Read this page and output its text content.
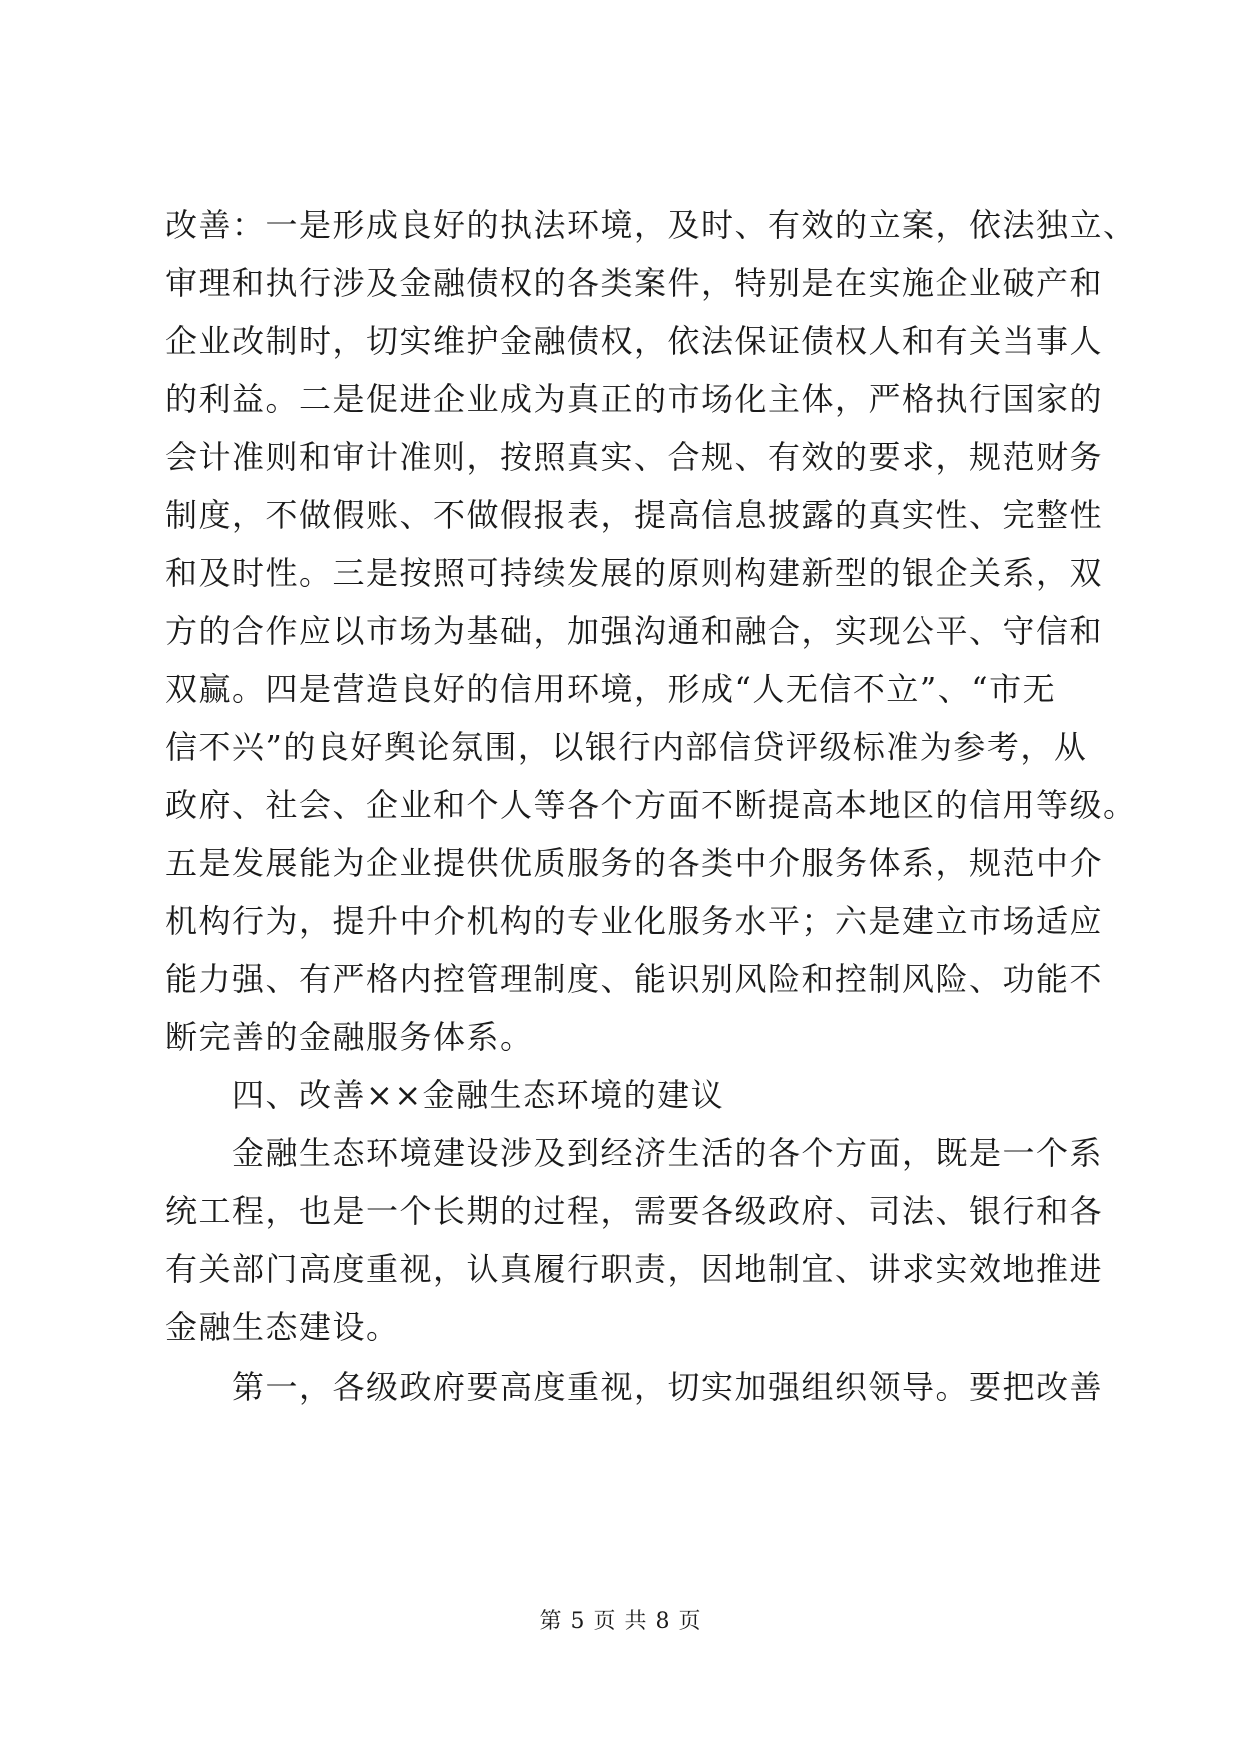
改善：一是形成良好的执法环境，及时、有效的立案，依法独立、
审理和执行涉及金融债权的各类案件，特别是在实施企业破产和
企业改制时，切实维护金融债权，依法保证债权人和有关当事人
的利益。二是促进企业成为真正的市场化主体，严格执行国家的
会计准则和审计准则，按照真实、合规、有效的要求，规范财务
制度，不做假账、不做假报表，提高信息披露的真实性、完整性
和及时性。三是按照可持续发展的原则构建新型的银企关系，双
方的合作应以市场为基础，加强沟通和融合，实现公平、守信和
双赢。四是营造良好的信用环境，形成“人无信不立”、“市无
信不兴”的良好舆论氛围，以银行内部信贷评级标准为参考，从
政府、社会、企业和个人等各个方面不断提高本地区的信用等级。
五是发展能为企业提供优质服务的各类中介服务体系，规范中介
机构行为，提升中介机构的专业化服务水平；六是建立市场适应
能力强、有严格内控管理制度、能识别风险和控制风险、功能不
断完善的金融服务体系。
四、改善××金融生态环境的建议
金融生态环境建设涉及到经济生活的各个方面，既是一个系
统工程，也是一个长期的过程，需要各级政府、司法、银行和各
有关部门高度重视，认真履行职责，因地制宜、讲求实效地推进
金融生态建设。
第一，各级政府要高度重视，切实加强组织领导。要把改善
第 5 页 共 8 页
